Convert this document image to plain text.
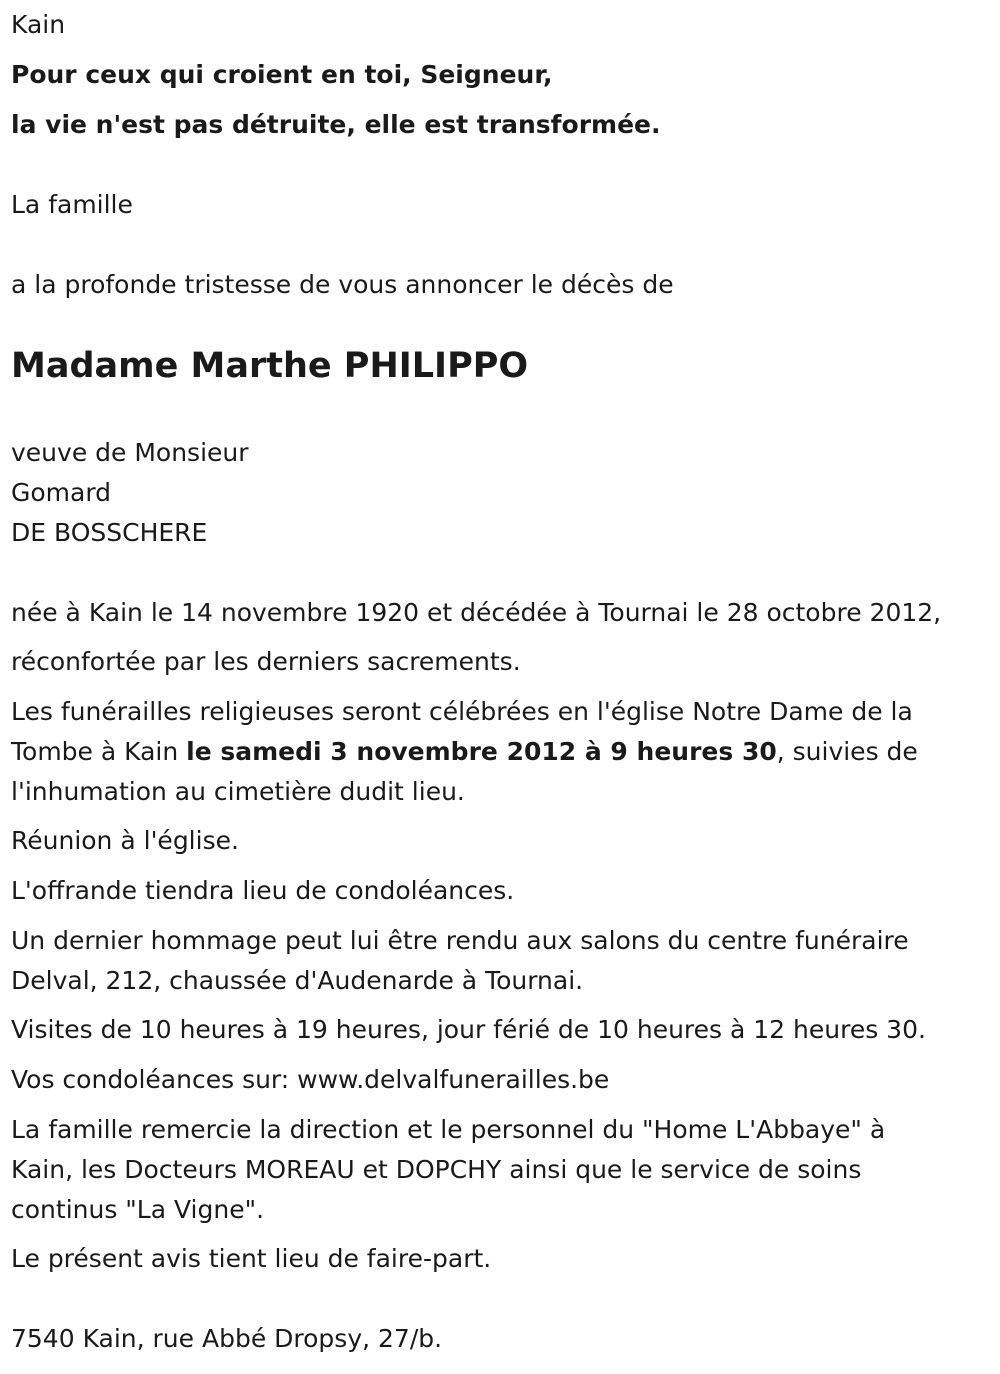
Kain

Pour ceux qui croient en toi, Seigneur,

la vie n'est pas détruite, elle est transformée.

La famille

a la profonde tristesse de vous annoncer le décès de

Madame Marthe PHILIPPO

veuve de Monsieur

Gomard

DE BOSSCHERE

née à Kain le 14 novembre 1920 et décédée à Tournai le 28 octobre 2012,

réconfortée par les derniers sacrements.

Les funérailles religieuses seront célébrées en l'église Notre Dame de la

Tombe à Kain le samedi 3 novembre 2012 à 9 heures 30, suivies de

l'inhumation au cimetière dudit lieu.

Réunion à l'église.

L'offrande tiendra lieu de condoléances.

Un dernier hommage peut lui être rendu aux salons du centre funéraire

Delval, 212, chaussée d'Audenarde à Tournai.

Visites de 10 heures à 19 heures, jour férié de 10 heures à 12 heures 30.

Vos condoléances sur: www.delvalfunerailles.be

La famille remercie la direction et le personnel du "Home L'Abbaye" à

Kain, les Docteurs MOREAU et DOPCHY ainsi que le service de soins

continus "La Vigne".

Le présent avis tient lieu de faire-part.

7540 Kain, rue Abbé Dropsy, 27/b.
